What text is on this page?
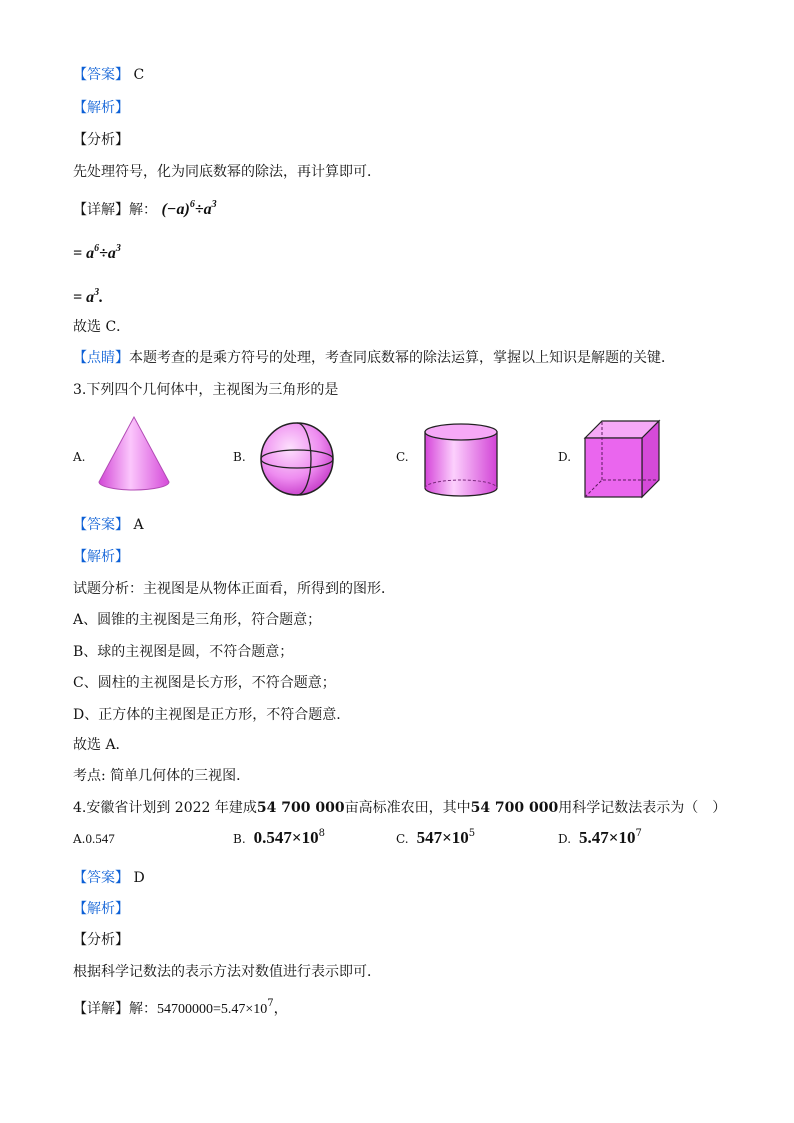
【答案】 C
【解析】
【分析】
先处理符号，化为同底数幂的除法，再计算即可．
【详解】解： $(-a)^6\div a^3$
= $a^6\div a^3$
= $a^3$.
故选 C．
【点睛】本题考查的是乘方符号的处理，考查同底数幂的除法运算，掌握以上知识是解题的关键．
3.下列四个几何体中，主视图为三角形的是
A.	B.	C.	D.
【答案】 A
【解析】
试题分析：主视图是从物体正面看，所得到的图形．
A、圆锥的主视图是三角形，符合题意；
B、球的主视图是圆，不符合题意；
C、圆柱的主视图是长方形，不符合题意；
D、正方体的主视图是正方形，不符合题意.
故选 A．
考点: 简单几何体的三视图．
4.安徽省计划到 2022 年建成54 700 000亩高标准农田，其中54 700 000用科学记数法表示为（　）
A.0.547	B. $0.547\times 10^8$	C. $547\times 10^5$	D. $5.47\times 10^7$
【答案】 D
【解析】
【分析】
根据科学记数法的表示方法对数值进行表示即可．
【详解】解：$54700000=5.47\times 10^7$，
